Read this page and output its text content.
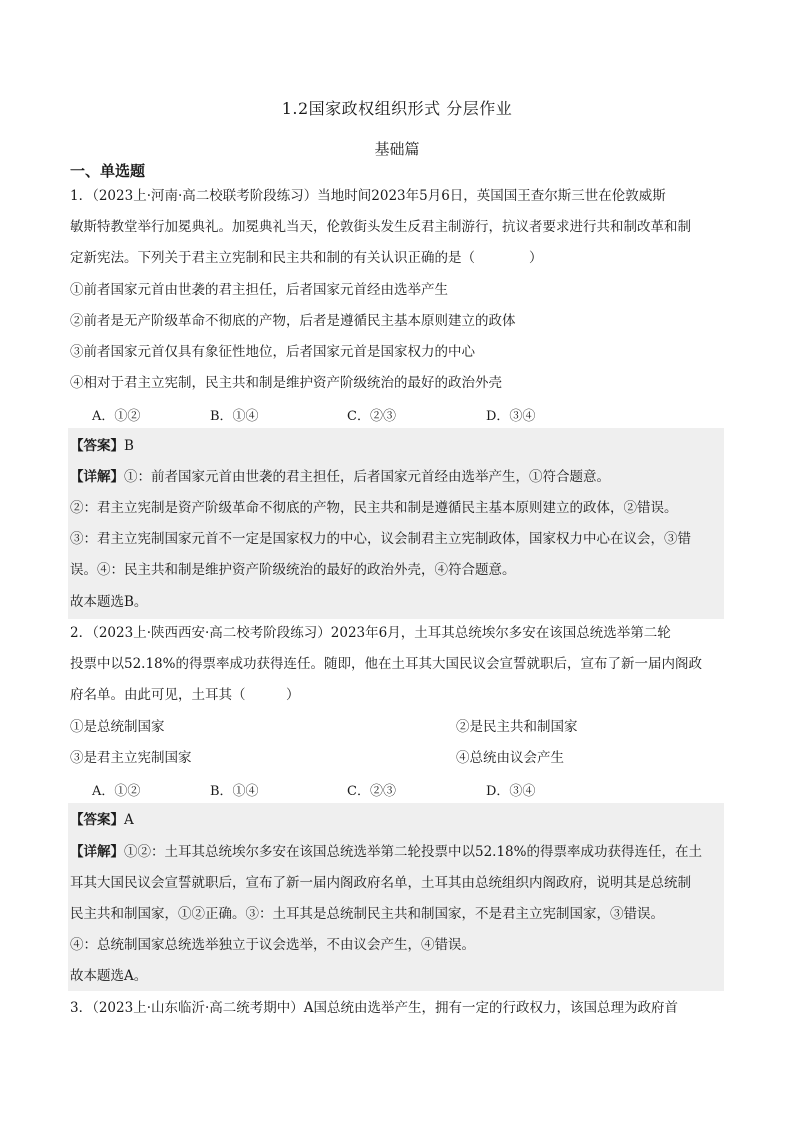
1.2国家政权组织形式 分层作业
基础篇
一、单选题
1．（2023上·河南·高二校联考阶段练习）当地时间2023年5月6日，英国国王查尔斯三世在伦敦威斯
敏斯特教堂举行加冕典礼。加冕典礼当天，伦敦街头发生反君主制游行，抗议者要求进行共和制改革和制
定新宪法。下列关于君主立宪制和民主共和制的有关认识正确的是（　　　　）
①前者国家元首由世袭的君主担任，后者国家元首经由选举产生
②前者是无产阶级革命不彻底的产物，后者是遵循民主基本原则建立的政体
③前者国家元首仅具有象征性地位，后者国家元首是国家权力的中心
④相对于君主立宪制，民主共和制是维护资产阶级统治的最好的政治外壳
A．①②	B．①④	C．②③	D．③④
【答案】B
【详解】①：前者国家元首由世袭的君主担任，后者国家元首经由选举产生，①符合题意。
②：君主立宪制是资产阶级革命不彻底的产物，民主共和制是遵循民主基本原则建立的政体，②错误。
③：君主立宪制国家元首不一定是国家权力的中心，议会制君主立宪制政体，国家权力中心在议会，③错
误。④：民主共和制是维护资产阶级统治的最好的政治外壳，④符合题意。
故本题选B。
2．（2023上·陕西西安·高二校考阶段练习）2023年6月，土耳其总统埃尔多安在该国总统选举第二轮
投票中以52.18%的得票率成功获得连任。随即，他在土耳其大国民议会宣誓就职后，宣布了新一届内阁政
府名单。由此可见，土耳其（　　　）
①是总统制国家	②是民主共和制国家
③是君主立宪制国家	④总统由议会产生
A．①②	B．①④	C．②③	D．③④
【答案】A
【详解】①②：土耳其总统埃尔多安在该国总统选举第二轮投票中以52.18%的得票率成功获得连任，在土
耳其大国民议会宣誓就职后，宣布了新一届内阁政府名单，土耳其由总统组织内阁政府，说明其是总统制
民主共和制国家，①②正确。③：土耳其是总统制民主共和制国家，不是君主立宪制国家，③错误。
④：总统制国家总统选举独立于议会选举，不由议会产生，④错误。
故本题选A。
3．（2023上·山东临沂·高二统考期中）A国总统由选举产生，拥有一定的行政权力，该国总理为政府首
